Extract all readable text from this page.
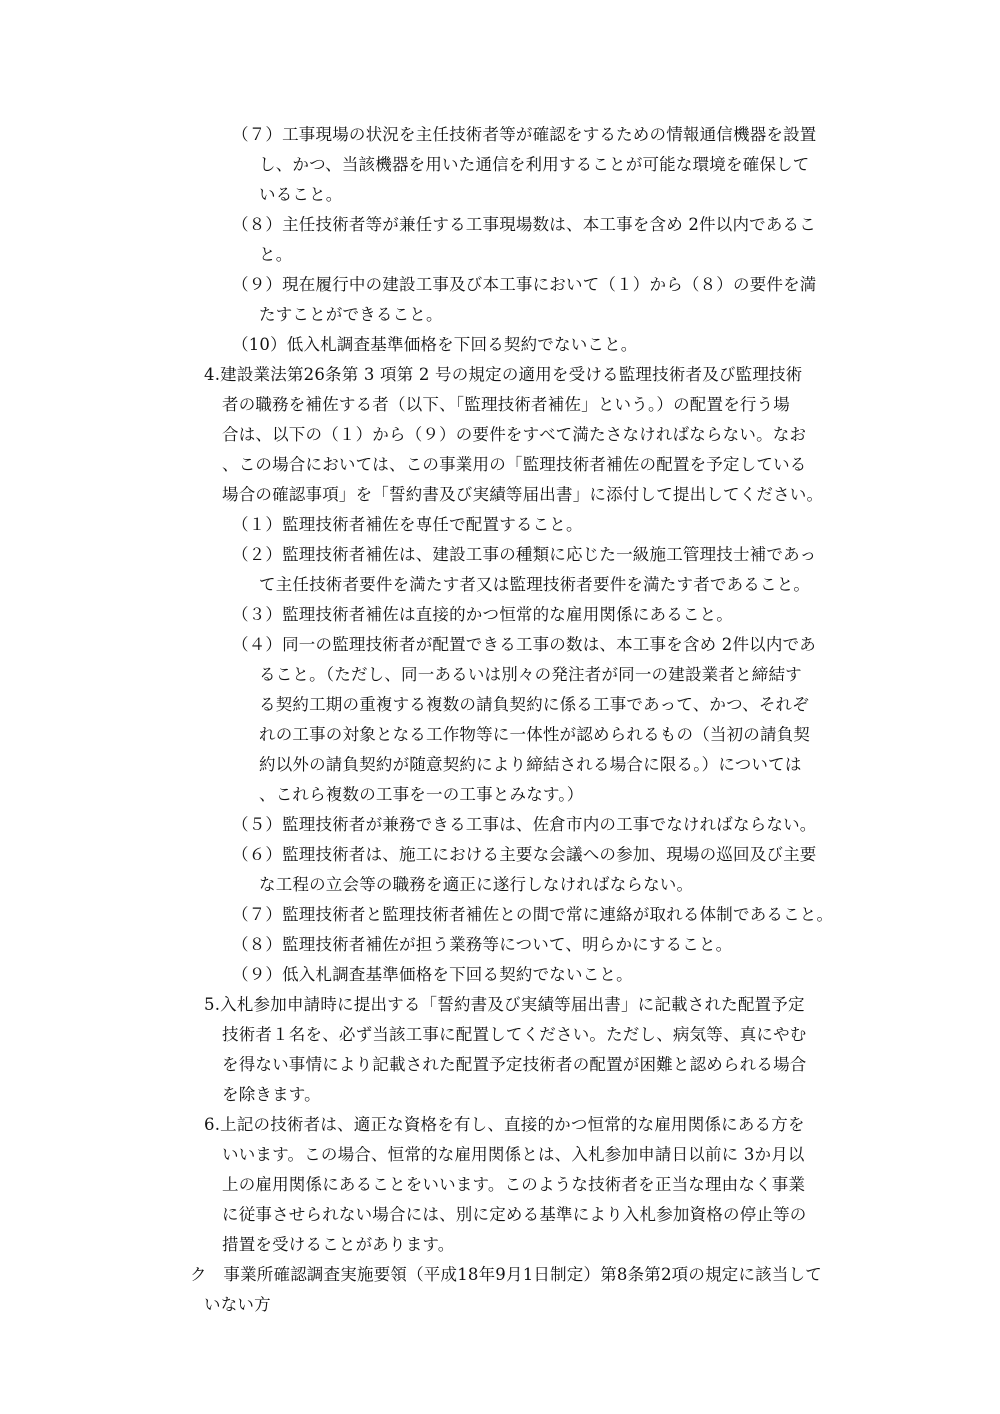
（７）工事現場の状況を主任技術者等が確認をするための情報通信機器を設置
し、かつ、当該機器を用いた通信を利用することが可能な環境を確保して
いること。
（８）主任技術者等が兼任する工事現場数は、本工事を含め 2件以内であるこ
と。
（９）現在履行中の建設工事及び本工事において（１）から（８）の要件を満
たすことができること。
（10）低入札調査基準価格を下回る契約でないこと。
4.建設業法第26条第 3 項第 2 号の規定の適用を受ける監理技術者及び監理技術
者の職務を補佐する者（以下、「監理技術者補佐」という。）の配置を行う場
合は、以下の（１）から（９）の要件をすべて満たさなければならない。なお
、この場合においては、この事業用の「監理技術者補佐の配置を予定している
場合の確認事項」を「誓約書及び実績等届出書」に添付して提出してください。
（１）監理技術者補佐を専任で配置すること。
（２）監理技術者補佐は、建設工事の種類に応じた一級施工管理技士補であっ
て主任技術者要件を満たす者又は監理技術者要件を満たす者であること。
（３）監理技術者補佐は直接的かつ恒常的な雇用関係にあること。
（４）同一の監理技術者が配置できる工事の数は、本工事を含め 2件以内であ
ること。（ただし、同一あるいは別々の発注者が同一の建設業者と締結す
る契約工期の重複する複数の請負契約に係る工事であって、かつ、それぞ
れの工事の対象となる工作物等に一体性が認められるもの（当初の請負契
約以外の請負契約が随意契約により締結される場合に限る。）については
、これら複数の工事を一の工事とみなす。）
（５）監理技術者が兼務できる工事は、佐倉市内の工事でなければならない。
（６）監理技術者は、施工における主要な会議への参加、現場の巡回及び主要
な工程の立会等の職務を適正に遂行しなければならない。
（７）監理技術者と監理技術者補佐との間で常に連絡が取れる体制であること。
（８）監理技術者補佐が担う業務等について、明らかにすること。
（９）低入札調査基準価格を下回る契約でないこと。
5.入札参加申請時に提出する「誓約書及び実績等届出書」に記載された配置予定
技術者１名を、必ず当該工事に配置してください。ただし、病気等、真にやむ
を得ない事情により記載された配置予定技術者の配置が困難と認められる場合
を除きます。
6.上記の技術者は、適正な資格を有し、直接的かつ恒常的な雇用関係にある方を
いいます。この場合、恒常的な雇用関係とは、入札参加申請日以前に 3か月以
上の雇用関係にあることをいいます。このような技術者を正当な理由なく事業
に従事させられない場合には、別に定める基準により入札参加資格の停止等の
措置を受けることがあります。
ク　事業所確認調査実施要領（平成18年9月1日制定）第8条第2項の規定に該当して
いない方
